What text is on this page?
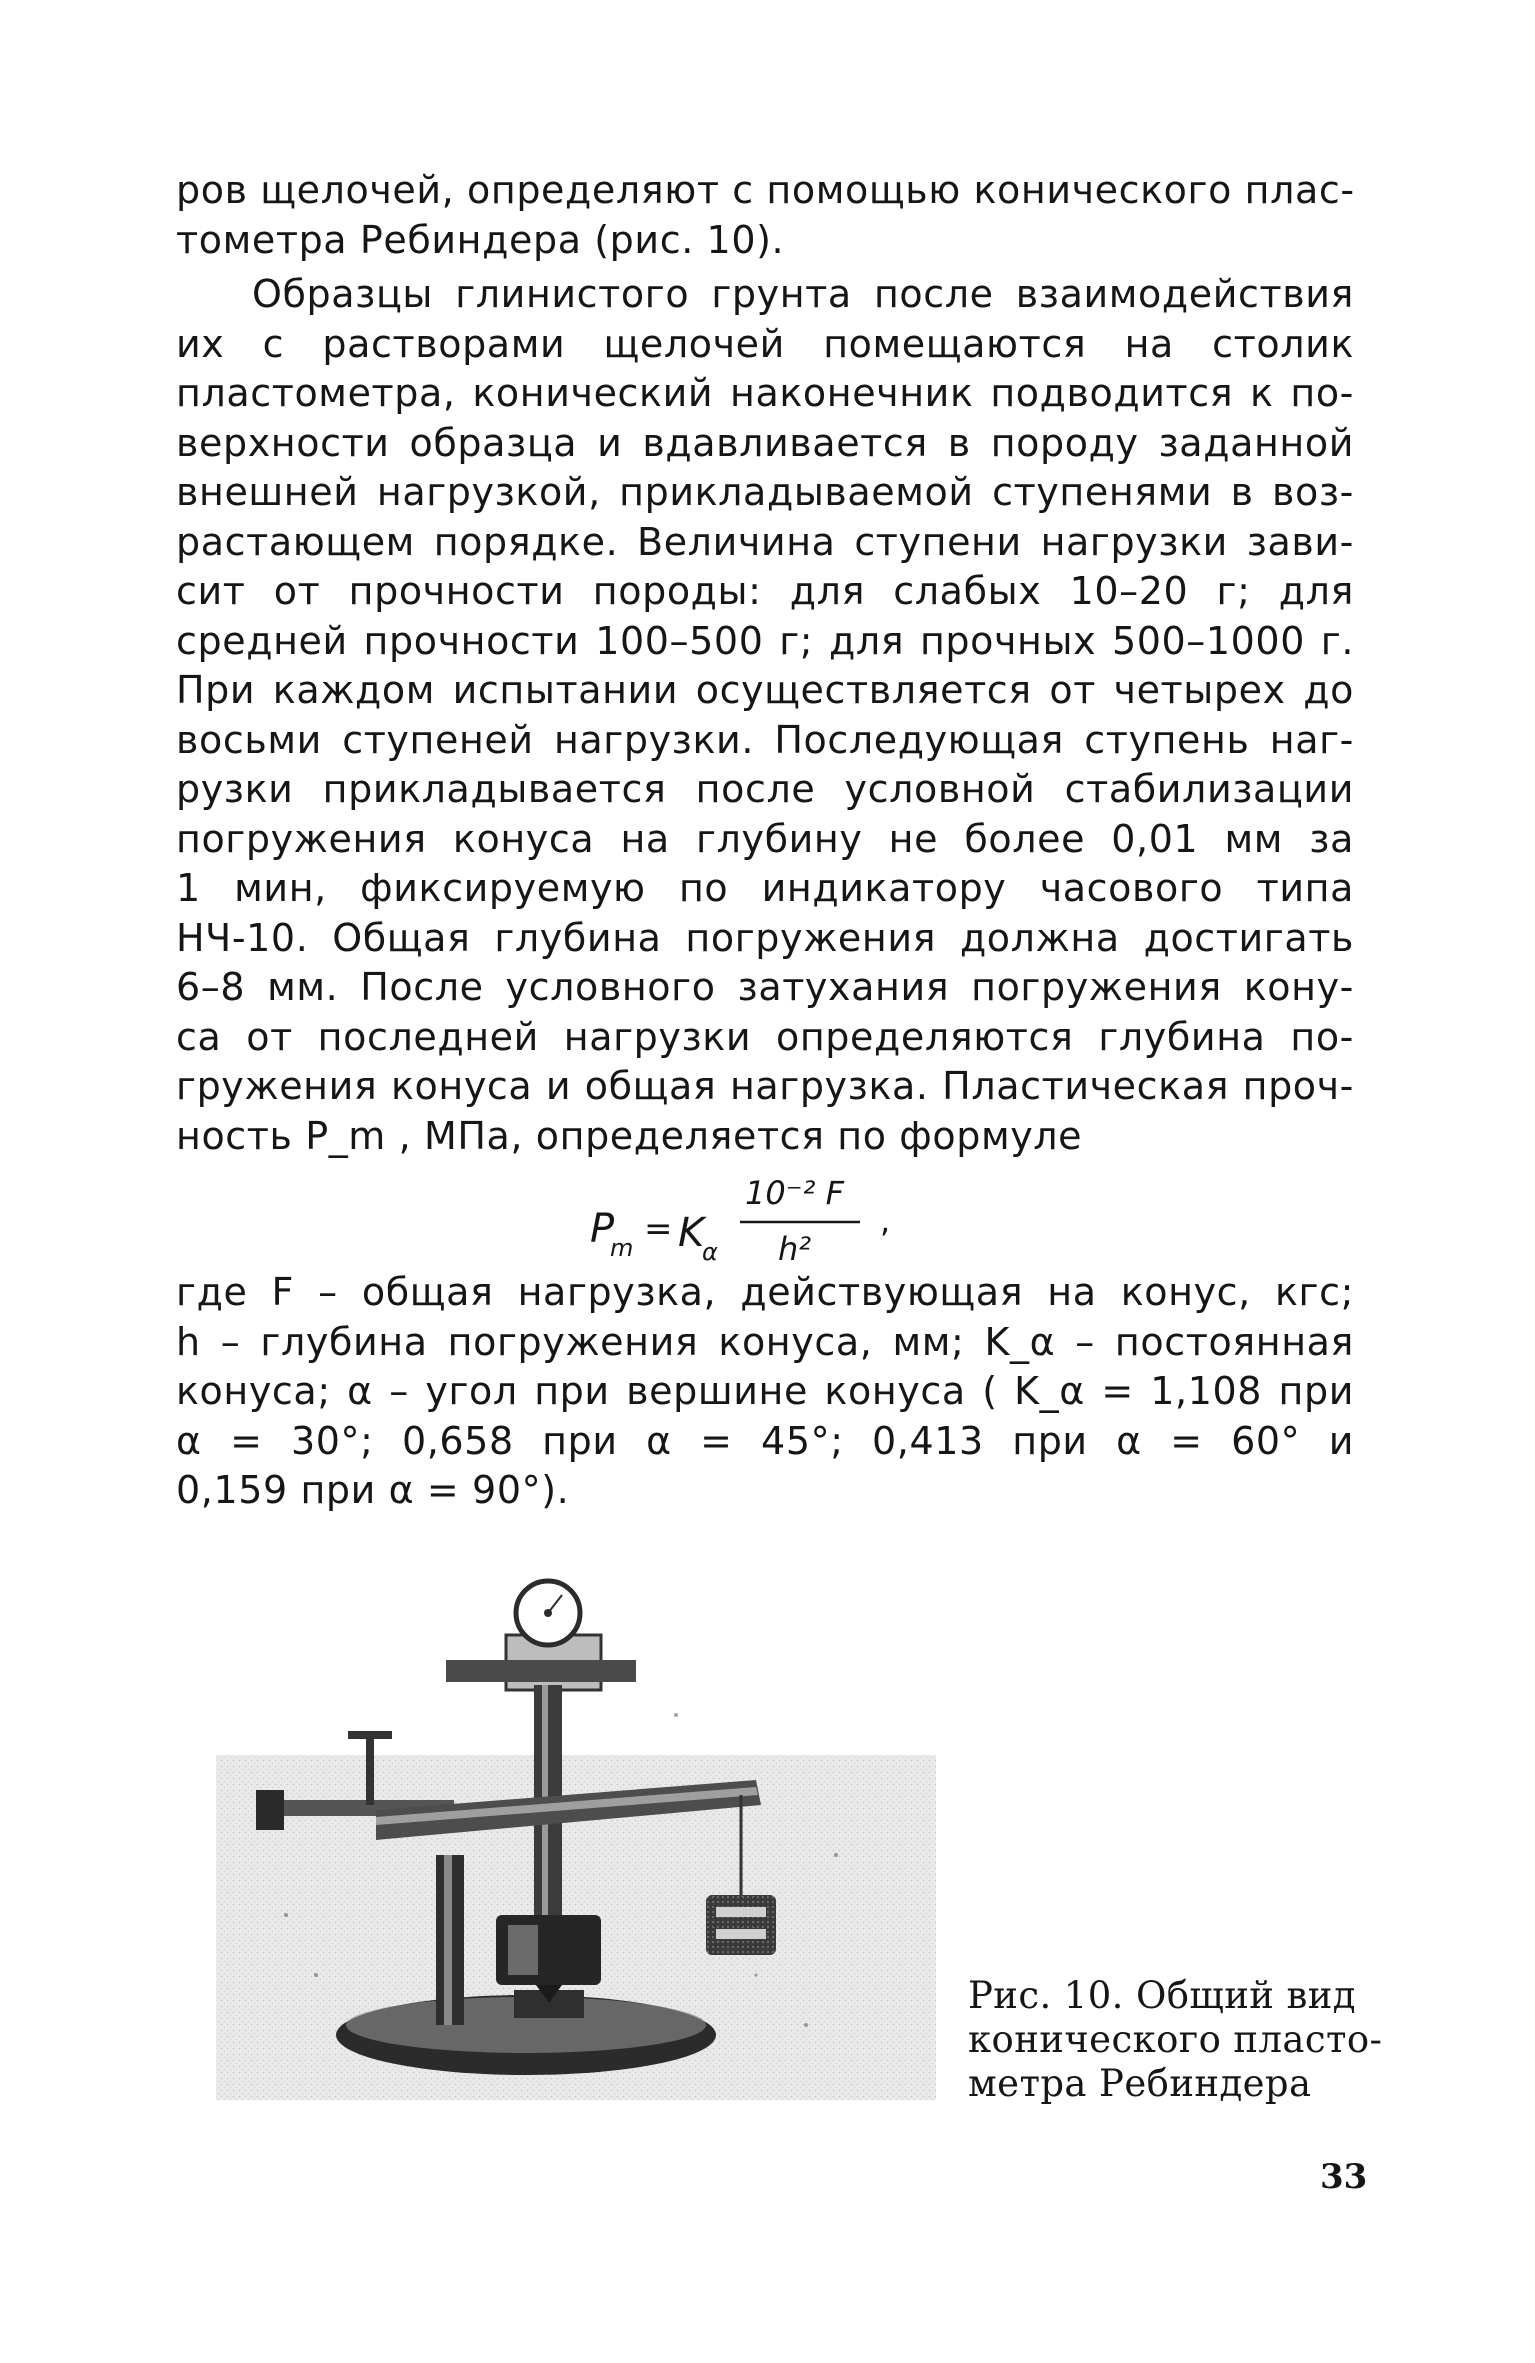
ров щелочей, определяют с помощью конического плас-
тометра Ребиндера (рис. 10).
Образцы глинистого грунта после взаимодействия
их с растворами щелочей помещаются на столик
пластометра, конический наконечник подводится к по-
верхности образца и вдавливается в породу заданной
внешней нагрузкой, прикладываемой ступенями в воз-
растающем порядке. Величина ступени нагрузки зави-
сит от прочности породы: для слабых 10–20 г; для
средней прочности 100–500 г; для прочных 500–1000 г.
При каждом испытании осуществляется от четырех до
восьми ступеней нагрузки. Последующая ступень наг-
рузки прикладывается после условной стабилизации
погружения конуса на глубину не более 0,01 мм за
1 мин, фиксируемую по индикатору часового типа
НЧ-10. Общая глубина погружения должна достигать
6–8 мм. После условного затухания погружения кону-
са от последней нагрузки определяются глубина по-
гружения конуса и общая нагрузка. Пластическая проч-
ность P_m , МПа, определяется по формуле
P
m = K
α
10⁻² F
h²
,
где F – общая нагрузка, действующая на конус, кгс;
h – глубина погружения конуса, мм; K_α – постоянная
конуса; α – угол при вершине конуса ( K_α = 1,108 при
α = 30°; 0,658 при α = 45°; 0,413 при α = 60° и
0,159 при α = 90°).
Рис. 10. Общий вид
конического пласто-
метра Ребиндера
33
